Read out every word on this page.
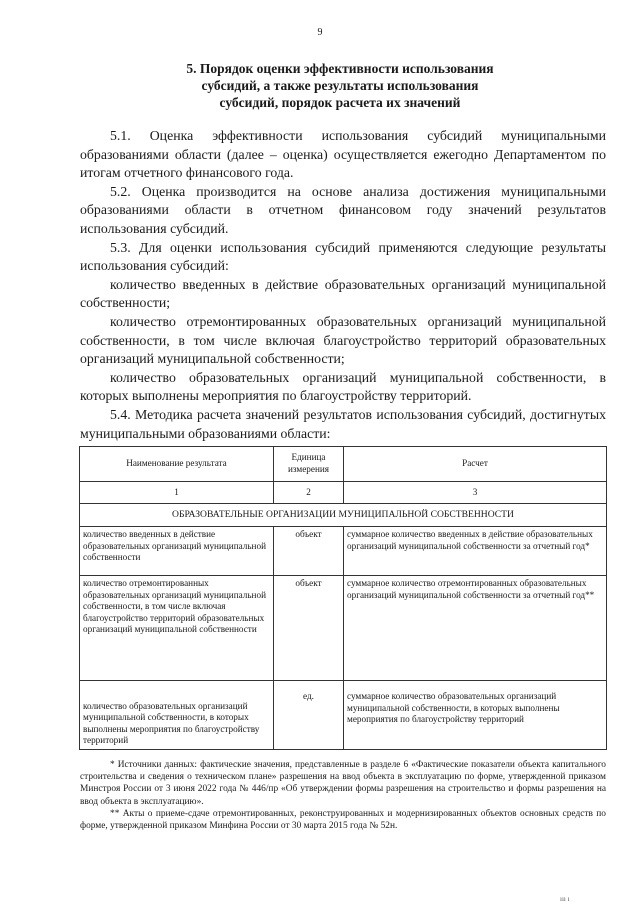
9
5. Порядок оценки эффективности использования
субсидий, а также результаты использования
субсидий, порядок расчета их значений

5.1. Оценка эффективности использования субсидий муниципальными образованиями области (далее – оценка) осуществляется ежегодно Департаментом по итогам отчетного финансового года.

5.2. Оценка производится на основе анализа достижения муниципальными образованиями области в отчетном финансовом году значений результатов использования субсидий.

5.3. Для оценки использования субсидий применяются следующие результаты использования субсидий:

количество введенных в действие образовательных организаций муниципальной собственности;

количество отремонтированных образовательных организаций муниципальной собственности, в том числе включая благоустройство территорий образовательных организаций муниципальной собственности;

количество образовательных организаций муниципальной собственности, в которых выполнены мероприятия по благоустройству территорий.

5.4. Методика расчета значений результатов использования субсидий, достигнутых муниципальными образованиями области:

Наименование результата	Единица измерения	Расчет
1	2	3
ОБРАЗОВАТЕЛЬНЫЕ ОРГАНИЗАЦИИ МУНИЦИПАЛЬНОЙ СОБСТВЕННОСТИ		
количество введенных в действие образовательных организаций муниципальной собственности	объект	суммарное количество введенных в действие образовательных организаций муниципальной собственности за отчетный год*
количество отремонтированных образовательных организаций муниципальной собственности, в том числе включая благоустройство территорий образовательных организаций муниципальной собственности	объект	суммарное количество отремонтированных образовательных организаций муниципальной собственности за отчетный год**
количество образовательных организаций муниципальной собственности, в которых выполнены мероприятия по благоустройству территорий	ед.	суммарное количество образовательных организаций муниципальной собственности, в которых выполнены мероприятия по благоустройству территорий

* Источники данных: фактические значения, представленные в разделе 6 «Фактические показатели объекта капитального строительства и сведения о техническом плане» разрешения на ввод объекта в эксплуатацию по форме, утвержденной приказом Минстроя России от 3 июня 2022 года № 446/пр «Об утверждении формы разрешения на строительство и формы разрешения на ввод объекта в эксплуатацию».

** Акты о приеме-сдаче отремонтированных, реконструированных и модернизированных объектов основных средств по форме, утвержденной приказом Минфина России от 30 марта 2015 года № 52н.

ııı ı
